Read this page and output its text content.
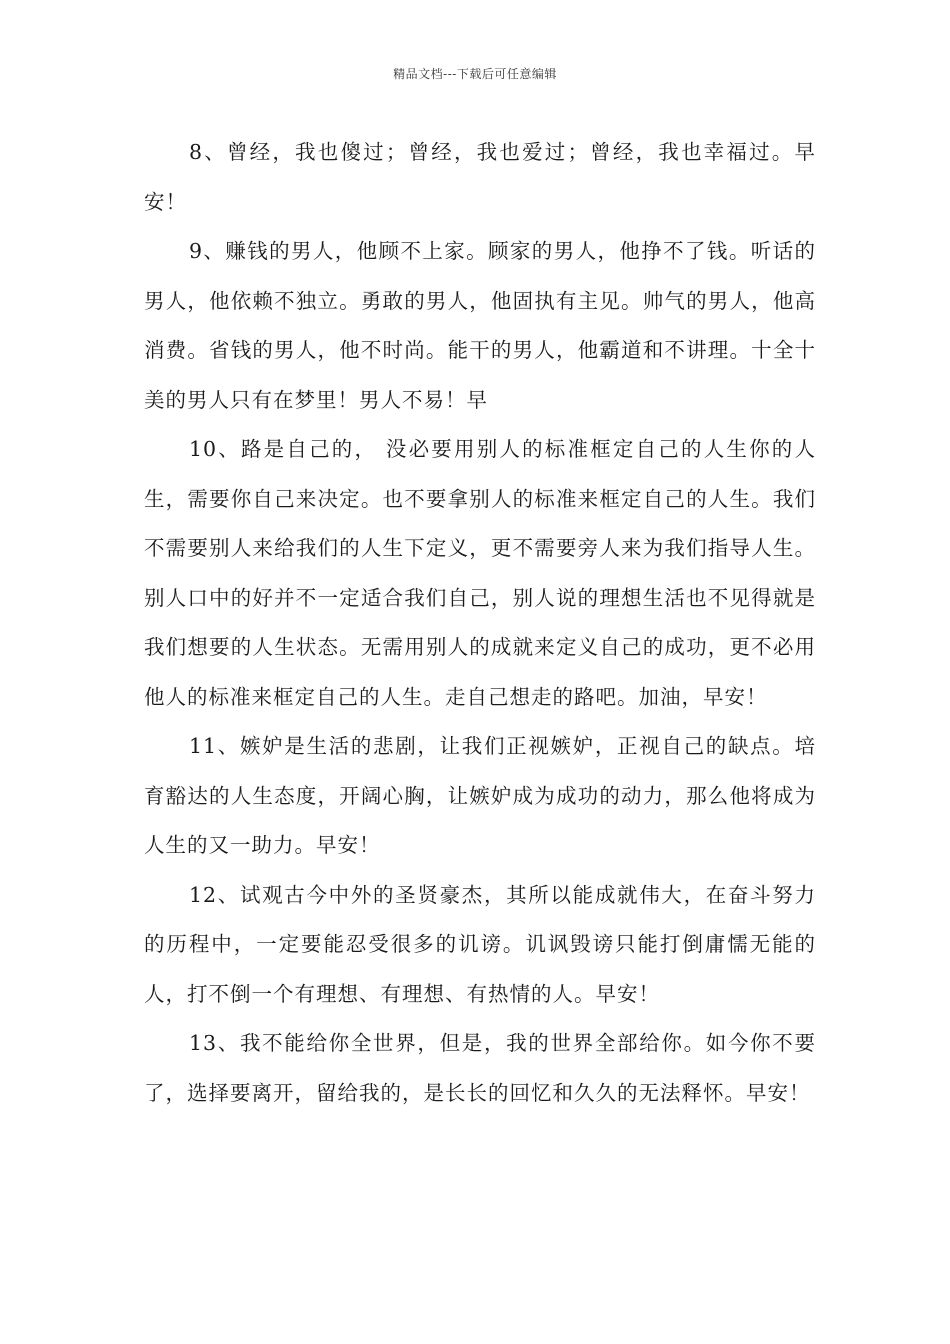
精品文档---下载后可任意编辑

8、曾经，我也傻过；曾经，我也爱过；曾经，我也幸福过。早安！

9、赚钱的男人，他顾不上家。顾家的男人，他挣不了钱。听话的男人，他依赖不独立。勇敢的男人，他固执有主见。帅气的男人，他高消费。省钱的男人，他不时尚。能干的男人，他霸道和不讲理。十全十美的男人只有在梦里！男人不易！早

10、路是自己的， 没必要用别人的标准框定自己的人生你的人生，需要你自己来决定。也不要拿别人的标准来框定自己的人生。我们不需要别人来给我们的人生下定义，更不需要旁人来为我们指导人生。别人口中的好并不一定适合我们自己，别人说的理想生活也不见得就是我们想要的人生状态。无需用别人的成就来定义自己的成功，更不必用他人的标准来框定自己的人生。走自己想走的路吧。加油，早安！

11、嫉妒是生活的悲剧，让我们正视嫉妒，正视自己的缺点。培育豁达的人生态度，开阔心胸，让嫉妒成为成功的动力，那么他将成为人生的又一助力。早安！

12、试观古今中外的圣贤豪杰，其所以能成就伟大，在奋斗努力的历程中，一定要能忍受很多的讥谤。讥讽毁谤只能打倒庸懦无能的人，打不倒一个有理想、有理想、有热情的人。早安！

13、我不能给你全世界，但是，我的世界全部给你。如今你不要了，选择要离开，留给我的，是长长的回忆和久久的无法释怀。早安！
